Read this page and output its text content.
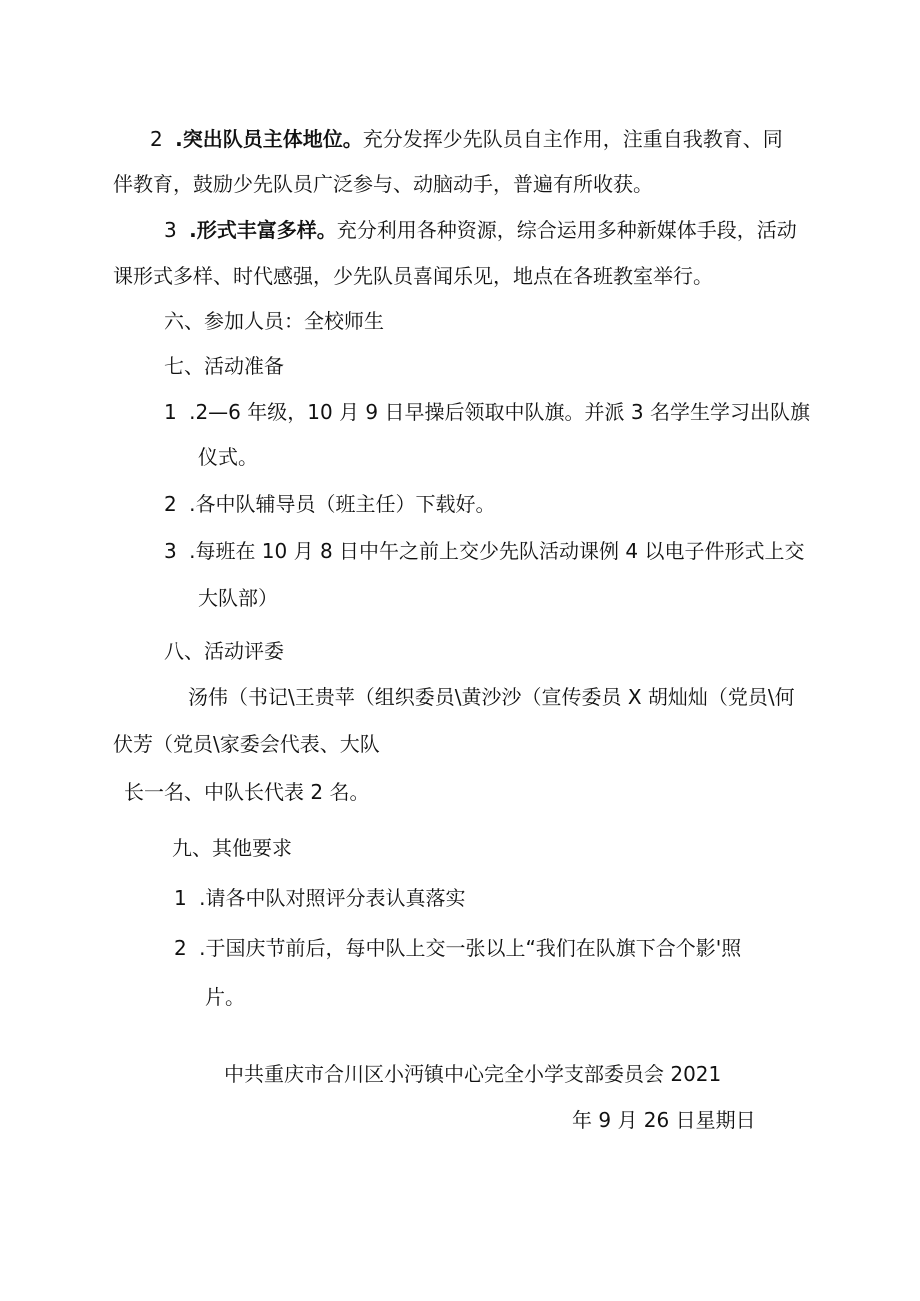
2 .突出队员主体地位。充分发挥少先队员自主作用，注重自我教育、同
伴教育，鼓励少先队员广泛参与、动脑动手，普遍有所收获。
3 .形式丰富多样。充分利用各种资源，综合运用多种新媒体手段，活动
课形式多样、时代感强，少先队员喜闻乐见，地点在各班教室举行。
六、参加人员：全校师生
七、活动准备
1 .2—6 年级，10 月 9 日早操后领取中队旗。并派 3 名学生学习出队旗
仪式。
2 .各中队辅导员（班主任）下载好。
3 .每班在 10 月 8 日中午之前上交少先队活动课例 4 以电子件形式上交
大队部）
八、活动评委
汤伟（书记\王贵苹（组织委员\黄沙沙（宣传委员 X 胡灿灿（党员\何
伏芳（党员\家委会代表、大队
长一名、中队长代表 2 名。
九、其他要求
1 .请各中队对照评分表认真落实
2 .于国庆节前后，每中队上交一张以上“我们在队旗下合个影'照
片。
中共重庆市合川区小沔镇中心完全小学支部委员会 2021
年 9 月 26 日星期日
